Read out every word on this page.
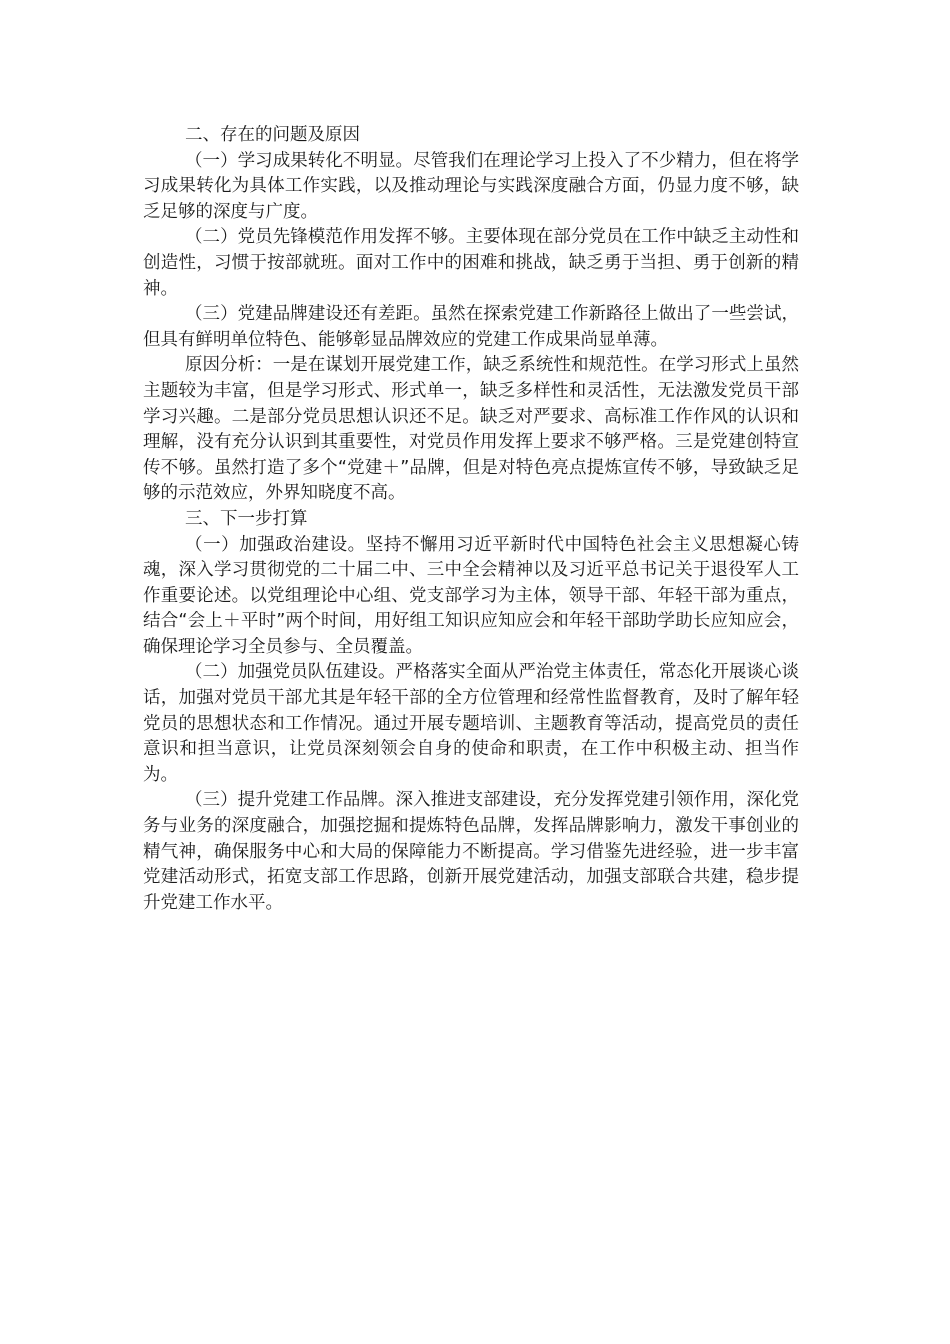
二、存在的问题及原因

（一）学习成果转化不明显。尽管我们在理论学习上投入了不少精力，但在将学习成果转化为具体工作实践，以及推动理论与实践深度融合方面，仍显力度不够，缺乏足够的深度与广度。

（二）党员先锋模范作用发挥不够。主要体现在部分党员在工作中缺乏主动性和创造性，习惯于按部就班。面对工作中的困难和挑战，缺乏勇于当担、勇于创新的精神。

（三）党建品牌建设还有差距。虽然在探索党建工作新路径上做出了一些尝试，但具有鲜明单位特色、能够彰显品牌效应的党建工作成果尚显单薄。

原因分析：一是在谋划开展党建工作，缺乏系统性和规范性。在学习形式上虽然主题较为丰富，但是学习形式、形式单一，缺乏多样性和灵活性，无法激发党员干部学习兴趣。二是部分党员思想认识还不足。缺乏对严要求、高标准工作作风的认识和理解，没有充分认识到其重要性，对党员作用发挥上要求不够严格。三是党建创特宣传不够。虽然打造了多个“党建＋”品牌，但是对特色亮点提炼宣传不够，导致缺乏足够的示范效应，外界知晓度不高。

三、下一步打算

（一）加强政治建设。坚持不懈用习近平新时代中国特色社会主义思想凝心铸魂，深入学习贯彻党的二十届二中、三中全会精神以及习近平总书记关于退役军人工作重要论述。以党组理论中心组、党支部学习为主体，领导干部、年轻干部为重点，结合“会上＋平时”两个时间，用好组工知识应知应会和年轻干部助学助长应知应会，确保理论学习全员参与、全员覆盖。

（二）加强党员队伍建设。严格落实全面从严治党主体责任，常态化开展谈心谈话，加强对党员干部尤其是年轻干部的全方位管理和经常性监督教育，及时了解年轻党员的思想状态和工作情况。通过开展专题培训、主题教育等活动，提高党员的责任意识和担当意识，让党员深刻领会自身的使命和职责，在工作中积极主动、担当作为。

（三）提升党建工作品牌。深入推进支部建设，充分发挥党建引领作用，深化党务与业务的深度融合，加强挖掘和提炼特色品牌，发挥品牌影响力，激发干事创业的精气神，确保服务中心和大局的保障能力不断提高。学习借鉴先进经验，进一步丰富党建活动形式，拓宽支部工作思路，创新开展党建活动，加强支部联合共建，稳步提升党建工作水平。
